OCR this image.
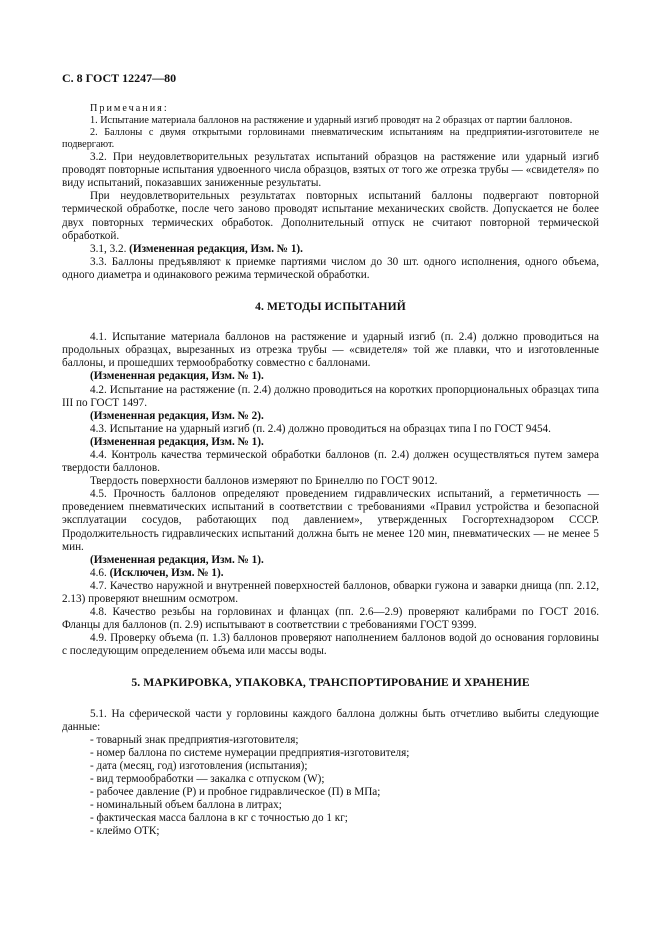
С. 8 ГОСТ 12247—80
Примечания:
1. Испытание материала баллонов на растяжение и ударный изгиб проводят на 2 образцах от партии баллонов.
2. Баллоны с двумя открытыми горловинами пневматическим испытаниям на предприятии-изготовителе не подвергают.

3.2. При неудовлетворительных результатах испытаний образцов на растяжение или ударный изгиб проводят повторные испытания удвоенного числа образцов, взятых от того же отрезка трубы — «свидетеля» по виду испытаний, показавших заниженные результаты.

При неудовлетворительных результатах повторных испытаний баллоны подвергают повторной термической обработке, после чего заново проводят испытание механических свойств. Допускается не более двух повторных термических обработок. Дополнительный отпуск не считают повторной термической обработкой.

3.1, 3.2. (Измененная редакция, Изм. № 1).

3.3. Баллоны предъявляют к приемке партиями числом до 30 шт. одного исполнения, одного объема, одного диаметра и одинакового режима термической обработки.

4. МЕТОДЫ ИСПЫТАНИЙ

4.1. Испытание материала баллонов на растяжение и ударный изгиб (п. 2.4) должно проводиться на продольных образцах, вырезанных из отрезка трубы — «свидетеля» той же плавки, что и изготовленные баллоны, и прошедших термообработку совместно с баллонами.

(Измененная редакция, Изм. № 1).

4.2. Испытание на растяжение (п. 2.4) должно проводиться на коротких пропорциональных образцах типа III по ГОСТ 1497.

(Измененная редакция, Изм. № 2).

4.3. Испытание на ударный изгиб (п. 2.4) должно проводиться на образцах типа I по ГОСТ 9454.

(Измененная редакция, Изм. № 1).

4.4. Контроль качества термической обработки баллонов (п. 2.4) должен осуществляться путем замера твердости баллонов.

Твердость поверхности баллонов измеряют по Бринеллю по ГОСТ 9012.

4.5. Прочность баллонов определяют проведением гидравлических испытаний, а герметичность — проведением пневматических испытаний в соответствии с требованиями «Правил устройства и безопасной эксплуатации сосудов, работающих под давлением», утвержденных Госгортехнадзором СССР. Продолжительность гидравлических испытаний должна быть не менее 120 мин, пневматических — не менее 5 мин.

(Измененная редакция, Изм. № 1).

4.6. (Исключен, Изм. № 1).

4.7. Качество наружной и внутренней поверхностей баллонов, обварки гужона и заварки днища (пп. 2.12, 2.13) проверяют внешним осмотром.

4.8. Качество резьбы на горловинах и фланцах (пп. 2.6—2.9) проверяют калибрами по ГОСТ 2016. Фланцы для баллонов (п. 2.9) испытывают в соответствии с требованиями ГОСТ 9399.

4.9. Проверку объема (п. 1.3) баллонов проверяют наполнением баллонов водой до основания горловины с последующим определением объема или массы воды.

5. МАРКИРОВКА, УПАКОВКА, ТРАНСПОРТИРОВАНИЕ И ХРАНЕНИЕ

5.1. На сферической части у горловины каждого баллона должны быть отчетливо выбиты следующие данные:

- товарный знак предприятия-изготовителя;

- номер баллона по системе нумерации предприятия-изготовителя;

- дата (месяц, год) изготовления (испытания);

- вид термообработки — закалка с отпуском (W);

- рабочее давление (Р) и пробное гидравлическое (П) в МПа;

- номинальный объем баллона в литрах;

- фактическая масса баллона в кг с точностью до 1 кг;

- клеймо ОТК;
